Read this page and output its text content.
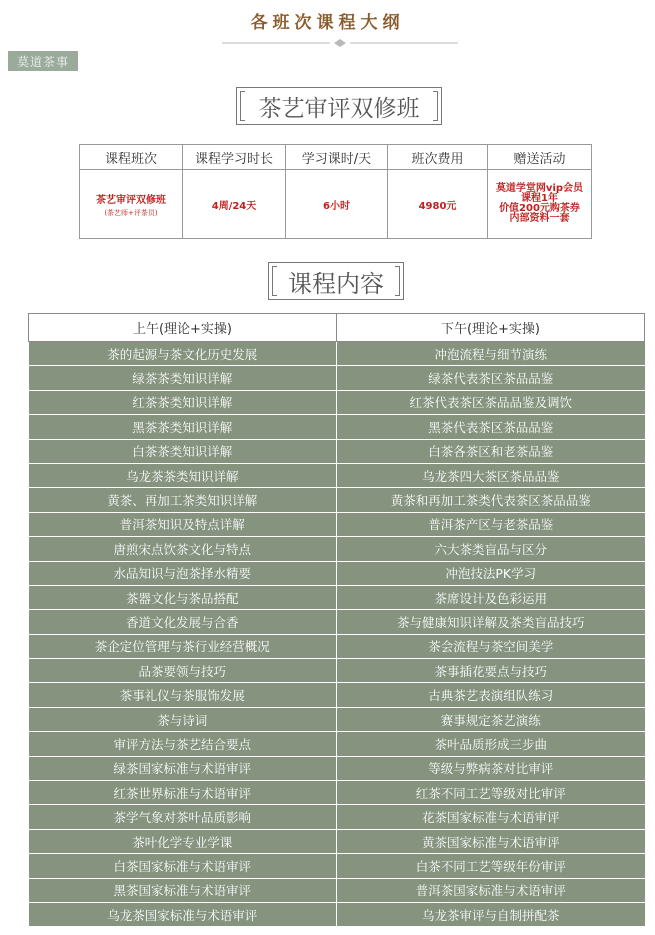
各班次课程大纲
莫道茶事
茶艺审评双修班
课程班次	课程学习时长	学习课时/天	班次费用	赠送活动

茶艺审评双修班
(茶艺师+评茶员)	4周/24天	6小时	4980元	莫道学堂网vip会员课程1年
价值200元购茶券
内部资料一套
课程内容
上午(理论+实操)	下午(理论+实操)
茶的起源与茶文化历史发展	冲泡流程与细节演练
绿茶茶类知识详解	绿茶代表茶区茶品品鉴
红茶茶类知识详解	红茶代表茶区茶品品鉴及调饮
黑茶茶类知识详解	黑茶代表茶区茶品品鉴
白茶茶类知识详解	白茶各茶区和老茶品鉴
乌龙茶茶类知识详解	乌龙茶四大茶区茶品品鉴
黄茶、再加工茶类知识详解	黄茶和再加工茶类代表茶区茶品品鉴
普洱茶知识及特点详解	普洱茶产区与老茶品鉴
唐煎宋点饮茶文化与特点	六大茶类盲品与区分
水品知识与泡茶择水精要	冲泡技法PK学习
茶器文化与茶品搭配	茶席设计及色彩运用
香道文化发展与合香	茶与健康知识详解及茶类盲品技巧
茶企定位管理与茶行业经营概况	茶会流程与茶空间美学
品茶要领与技巧	茶事插花要点与技巧
茶事礼仪与茶服饰发展	古典茶艺表演组队练习
茶与诗词	赛事规定茶艺演练
审评方法与茶艺结合要点	茶叶品质形成三步曲
绿茶国家标准与术语审评	等级与弊病茶对比审评
红茶世界标准与术语审评	红茶不同工艺等级对比审评
茶学气象对茶叶品质影响	花茶国家标准与术语审评
茶叶化学专业学课	黄茶国家标准与术语审评
白茶国家标准与术语审评	白茶不同工艺等级年份审评
黑茶国家标准与术语审评	普洱茶国家标准与术语审评
乌龙茶国家标准与术语审评	乌龙茶审评与自制拼配茶
